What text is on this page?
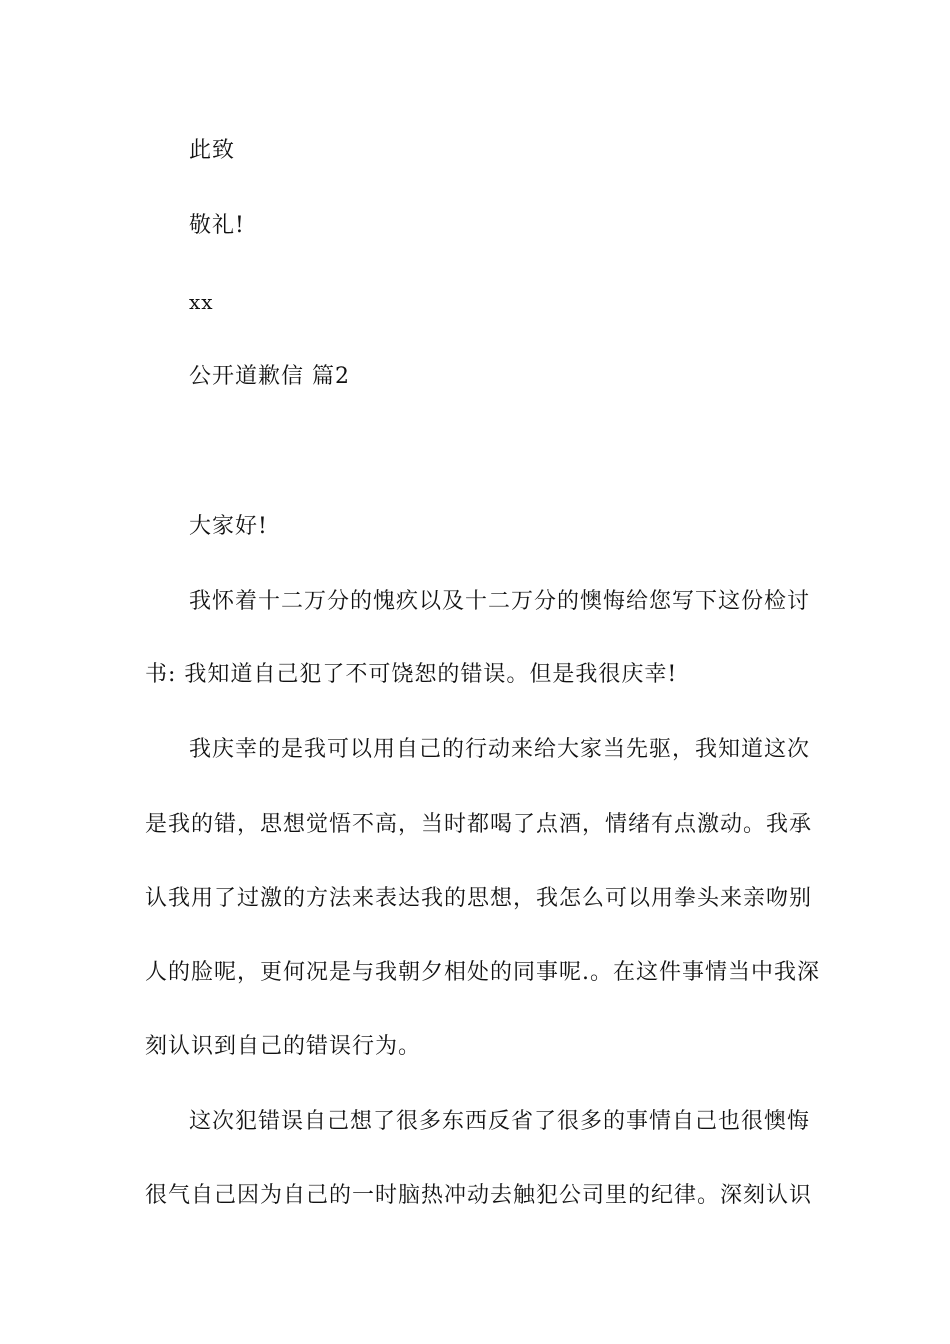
此致
敬礼!
xx
公开道歉信 篇2
大家好!
我怀着十二万分的愧疚以及十二万分的懊悔给您写下这份检讨
书: 我知道自己犯了不可饶恕的错误。但是我很庆幸!
我庆幸的是我可以用自己的行动来给大家当先驱，我知道这次
是我的错，思想觉悟不高，当时都喝了点酒，情绪有点激动。我承
认我用了过激的方法来表达我的思想，我怎么可以用拳头来亲吻别
人的脸呢，更何况是与我朝夕相处的同事呢.。在这件事情当中我深
刻认识到自己的错误行为。
这次犯错误自己想了很多东西反省了很多的事情自己也很懊悔
很气自己因为自己的一时脑热冲动去触犯公司里的纪律。深刻认识
